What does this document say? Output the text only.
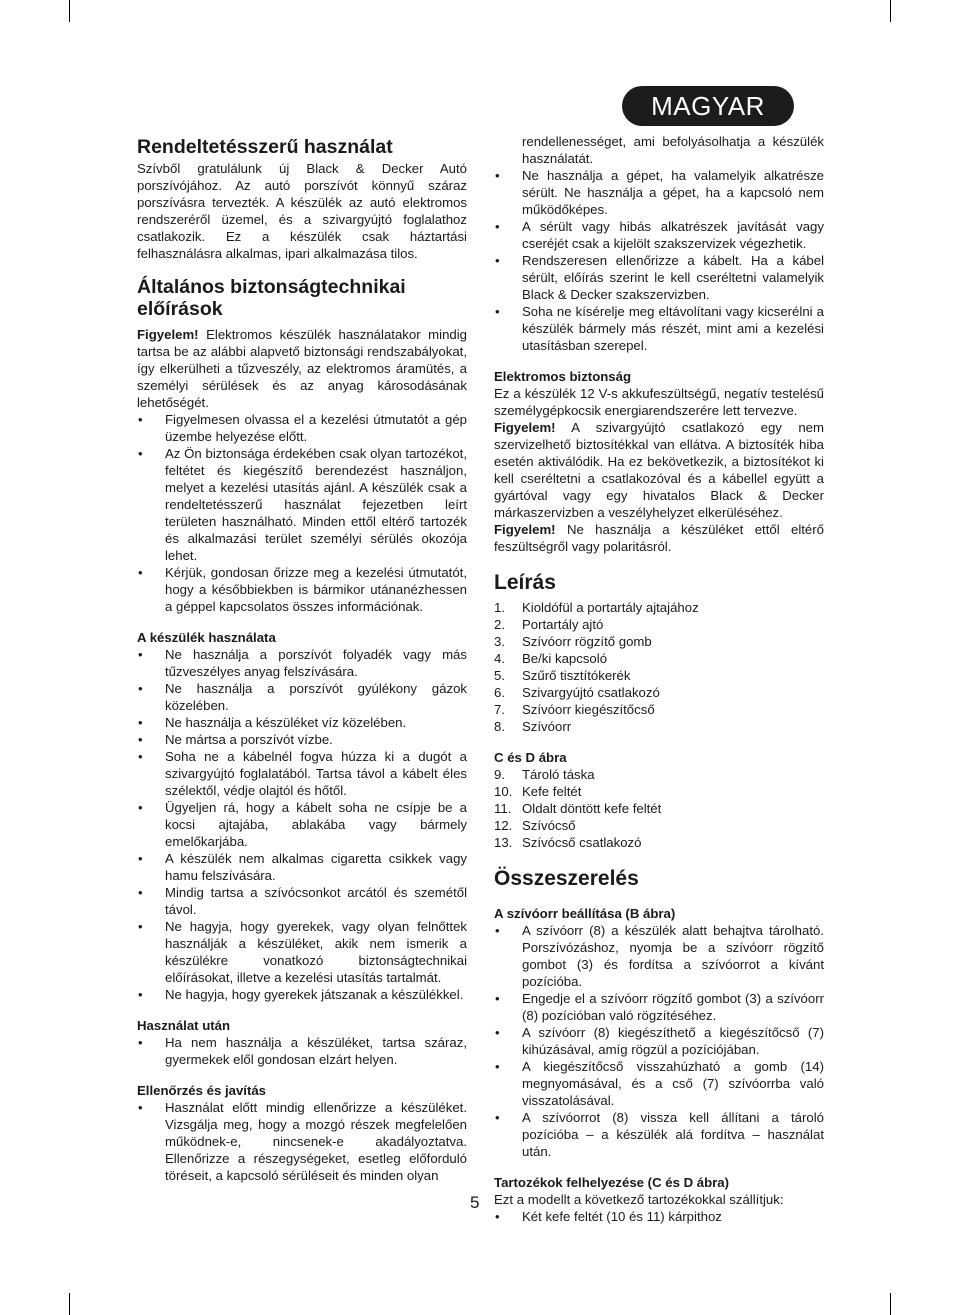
MAGYAR
Rendeltetésszerű használat

Szívből gratulálunk új Black & Decker Autó porszívójához. Az autó porszívót könnyű száraz porszívásra tervezték. A készülék az autó elektromos rendszeréről üzemel, és a szivargyújtó foglalathoz csatlakozik. Ez a készülék csak háztartási felhasználásra alkalmas, ipari alkalmazása tilos.

Általános biztonságtechnikai előírások

Figyelem! Elektromos készülék használatakor mindig tartsa be az alábbi alapvető biztonsági rendszabályokat, így elkerülheti a tűzveszély, az elektromos áramütés, a személyi sérülések és az anyag károsodásának lehetőségét.

• Figyelmesen olvassa el a kezelési útmutatót a gép üzembe helyezése előtt.
• Az Ön biztonsága érdekében csak olyan tartozékot, feltétet és kiegészítő berendezést használjon, melyet a kezelési utasítás ajánl. A készülék csak a rendeltetésszerű használat fejezetben leírt területen használható. Minden ettől eltérő tartozék és alkalmazási terület személyi sérülés okozója lehet.
• Kérjük, gondosan őrizze meg a kezelési útmutatót, hogy a későbbiekben is bármikor utánanézhessen a géppel kapcsolatos összes információnak.
A készülék használata
• Ne használja a porszívót folyadék vagy más tűzveszélyes anyag felszívására.
• Ne használja a porszívót gyúlékony gázok közelében.
• Ne használja a készüléket víz közelében.
• Ne mártsa a porszívót vízbe.
• Soha ne a kábelnél fogva húzza ki a dugót a szivargyújtó foglalatából. Tartsa távol a kábelt éles szélektől, védje olajtól és hőtől.
• Ügyeljen rá, hogy a kábelt soha ne csípje be a kocsi ajtajába, ablakába vagy bármely emelőkarjába.
• A készülék nem alkalmas cigaretta csikkek vagy hamu felszívására.
• Mindig tartsa a szívócsonkot arcától és szemétől távol.
• Ne hagyja, hogy gyerekek, vagy olyan felnőttek használják a készüléket, akik nem ismerik a készülékre vonatkozó biztonságtechnikai előírásokat, illetve a kezelési utasítás tartalmát.
• Ne hagyja, hogy gyerekek játszanak a készülékkel.
Használat után
• Ha nem használja a készüléket, tartsa száraz, gyermekek elől gondosan elzárt helyen.
Ellenőrzés és javítás
• Használat előtt mindig ellenőrizze a készüléket. Vizsgálja meg, hogy a mozgó részek megfelelően működnek-e, nincsenek-e akadályoztatva. Ellenőrizze a részegységeket, esetleg előforduló töréseit, a kapcsoló sérüléseit és minden olyan

rendellenességet, ami befolyásolhatja a készülék használatát.

• Ne használja a gépet, ha valamelyik alkatrésze sérült. Ne használja a gépet, ha a kapcsoló nem működőképes.
• A sérült vagy hibás alkatrészek javítását vagy cseréjét csak a kijelölt szakszervizek végezhetik.
• Rendszeresen ellenőrizze a kábelt. Ha a kábel sérült, előírás szerint le kell cseréltetni valamelyik Black & Decker szakszervizben.
• Soha ne kísérelje meg eltávolítani vagy kicserélni a készülék bármely más részét, mint ami a kezelési utasításban szerepel.
Elektromos biztonság

Ez a készülék 12 V-s akkufeszültségű, negatív testelésű személygépkocsik energiarendszerére lett tervezve.

Figyelem! A szivargyújtó csatlakozó egy nem szervizelhető biztosítékkal van ellátva. A biztosíték hiba esetén aktiválódik. Ha ez bekövetkezik, a biztosítékot ki kell cseréltetni a csatlakozóval és a kábellel együtt a gyártóval vagy egy hivatalos Black & Decker márkaszervizben a veszélyhelyzet elkerüléséhez.

Figyelem! Ne használja a készüléket ettől eltérő feszültségről vagy polaritásról.

Leírás
1. Kioldófül a portartály ajtajához
2. Portartály ajtó
3. Szívóorr rögzítő gomb
4. Be/ki kapcsoló
5. Szűrő tisztítókerék
6. Szivargyújtó csatlakozó
7. Szívóorr kiegészítőcső
8. Szívóorr
C és D ábra
9. Tároló táska
10. Kefe feltét
11. Oldalt döntött kefe feltét
12. Szívócső
13. Szívócső csatlakozó
Összeszerelés
A szívóorr beállítása (B ábra)
• A szívóorr (8) a készülék alatt behajtva tárolható. Porszívózáshoz, nyomja be a szívóorr rögzítő gombot (3) és fordítsa a szívóorrot a kívánt pozícióba.
• Engedje el a szívóorr rögzítő gombot (3) a szívóorr (8) pozícióban való rögzítéséhez.
• A szívóorr (8) kiegészíthető a kiegészítőcső (7) kihúzásával, amíg rögzül a pozíciójában.
• A kiegészítőcső visszahúzható a gomb (14) megnyomásával, és a cső (7) szívóorrba való visszatolásával.
• A szívóorrot (8) vissza kell állítani a tároló pozícióba – a készülék alá fordítva – használat után.
Tartozékok felhelyezése (C és D ábra)

Ezt a modellt a következő tartozékokkal szállítjuk:

• Két kefe feltét (10 és 11) kárpithoz
5
